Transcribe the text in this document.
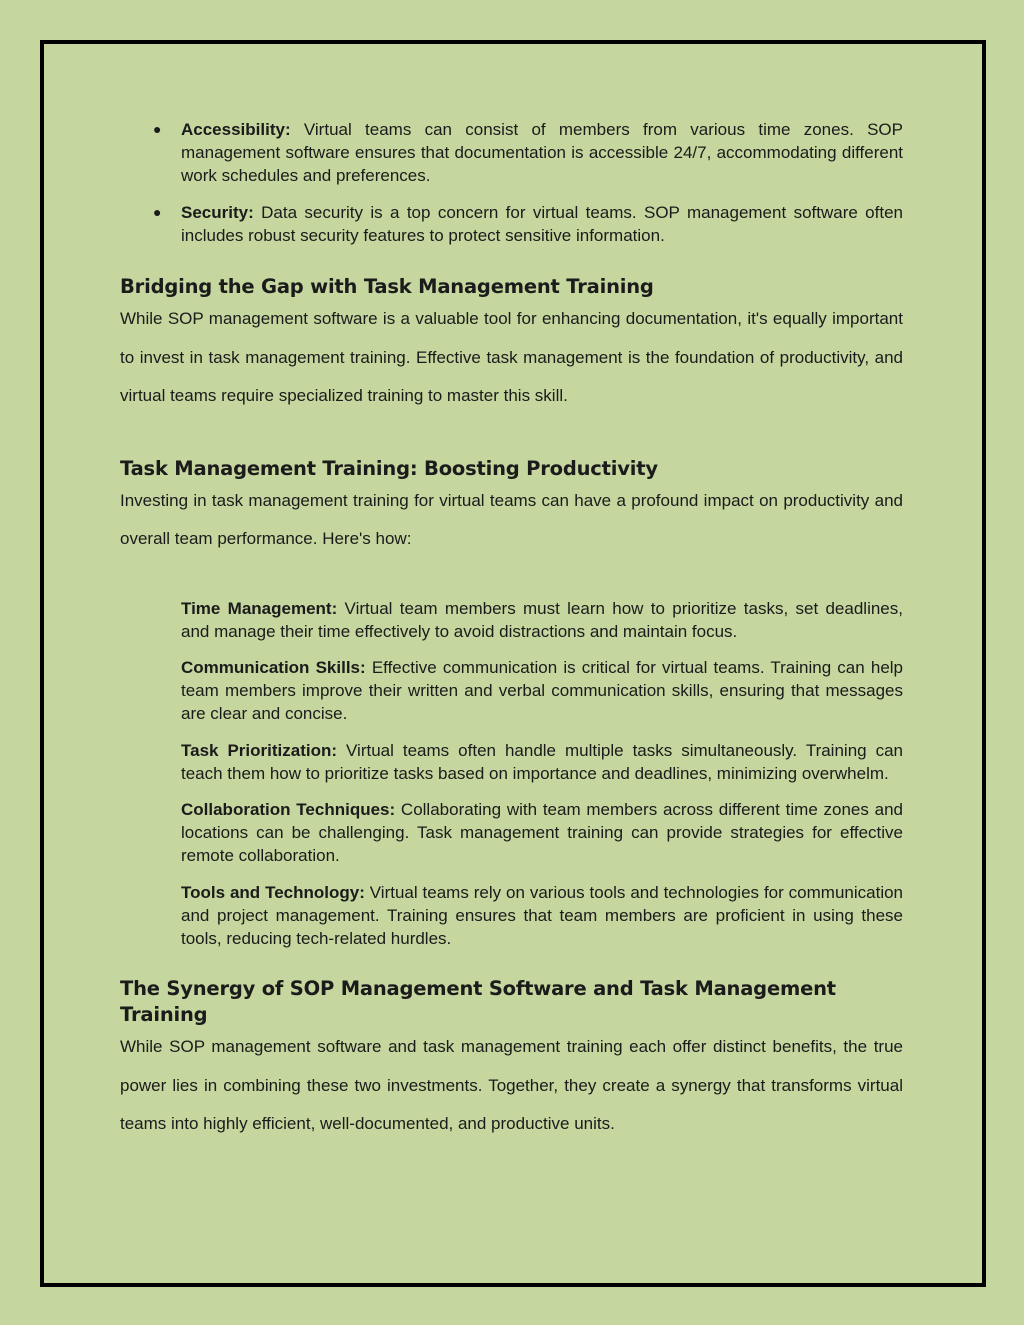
● Accessibility: Virtual teams can consist of members from various time zones. SOP management software ensures that documentation is accessible 24/7, accommodating different work schedules and preferences.
● Security: Data security is a top concern for virtual teams. SOP management software often includes robust security features to protect sensitive information.
Bridging the Gap with Task Management Training

While SOP management software is a valuable tool for enhancing documentation, it's equally important to invest in task management training. Effective task management is the foundation of productivity, and virtual teams require specialized training to master this skill.

Task Management Training: Boosting Productivity

Investing in task management training for virtual teams can have a profound impact on productivity and overall team performance. Here's how:

Time Management: Virtual team members must learn how to prioritize tasks, set deadlines, and manage their time effectively to avoid distractions and maintain focus.

Communication Skills: Effective communication is critical for virtual teams. Training can help team members improve their written and verbal communication skills, ensuring that messages are clear and concise.

Task Prioritization: Virtual teams often handle multiple tasks simultaneously. Training can teach them how to prioritize tasks based on importance and deadlines, minimizing overwhelm.

Collaboration Techniques: Collaborating with team members across different time zones and locations can be challenging. Task management training can provide strategies for effective remote collaboration.

Tools and Technology: Virtual teams rely on various tools and technologies for communication and project management. Training ensures that team members are proficient in using these tools, reducing tech-related hurdles.

The Synergy of SOP Management Software and Task Management Training

While SOP management software and task management training each offer distinct benefits, the true power lies in combining these two investments. Together, they create a synergy that transforms virtual teams into highly efficient, well-documented, and productive units.
